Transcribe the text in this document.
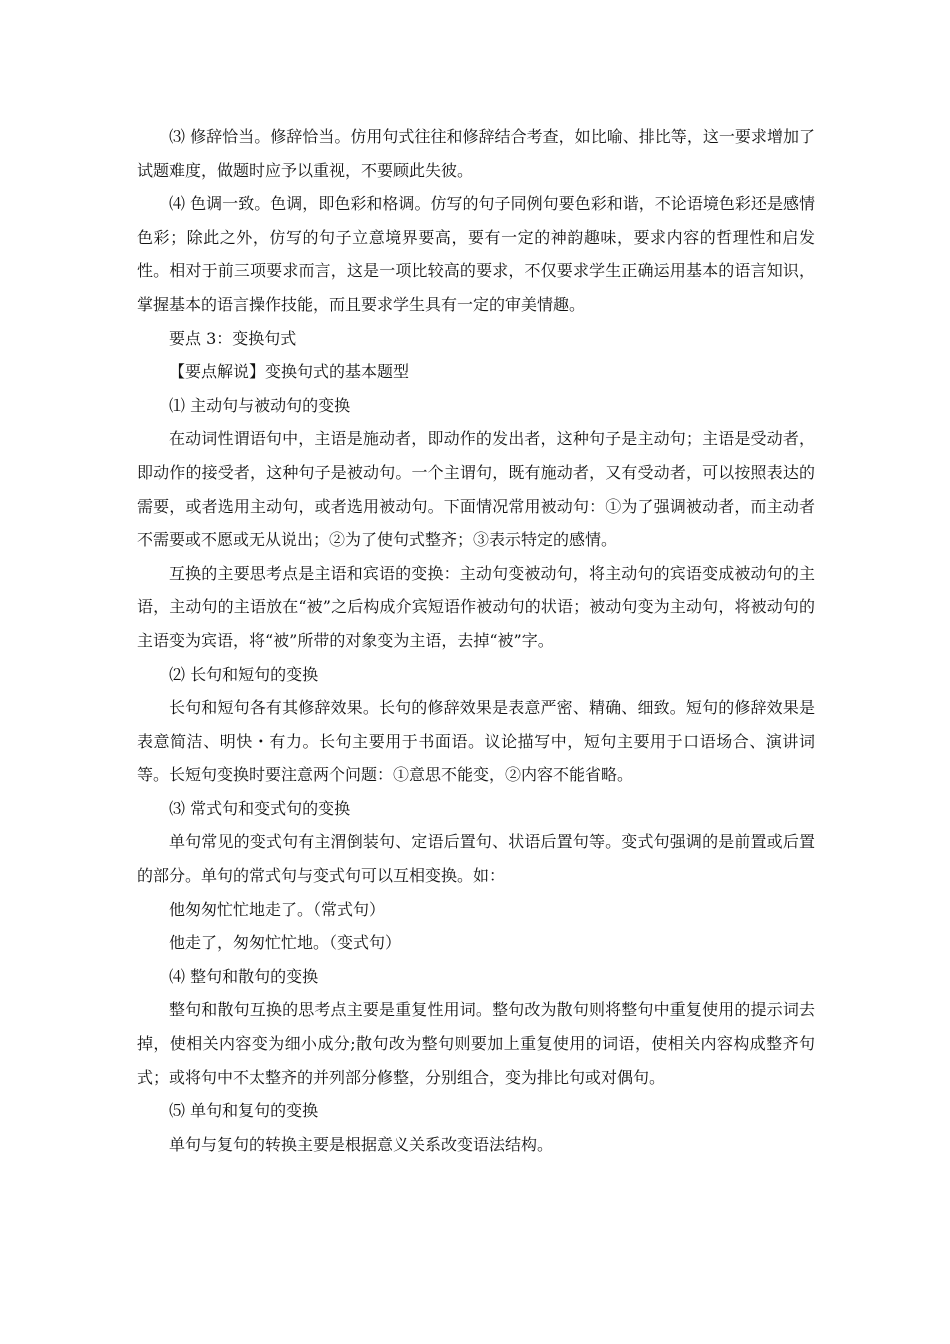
⑶ 修辞恰当。修辞恰当。仿用句式往往和修辞结合考查，如比喻、排比等，这一要求增加了试题难度，做题时应予以重视，不要顾此失彼。

⑷ 色调一致。色调，即色彩和格调。仿写的句子同例句要色彩和谐，不论语境色彩还是感情色彩；除此之外，仿写的句子立意境界要高，要有一定的神韵趣味，要求内容的哲理性和启发性。相对于前三项要求而言，这是一项比较高的要求，不仅要求学生正确运用基本的语言知识，掌握基本的语言操作技能，而且要求学生具有一定的审美情趣。

要点 3：变换句式

【要点解说】变换句式的基本题型

⑴ 主动句与被动句的变换

在动词性谓语句中，主语是施动者，即动作的发出者，这种句子是主动句；主语是受动者，即动作的接受者，这种句子是被动句。一个主谓句，既有施动者，又有受动者，可以按照表达的需要，或者选用主动句，或者选用被动句。下面情况常用被动句：①为了强调被动者，而主动者不需要或不愿或无从说出；②为了使句式整齐；③表示特定的感情。

互换的主要思考点是主语和宾语的变换：主动句变被动句，将主动句的宾语变成被动句的主语，主动句的主语放在“被”之后构成介宾短语作被动句的状语；被动句变为主动句，将被动句的主语变为宾语，将“被”所带的对象变为主语，去掉“被”字。

⑵ 长句和短句的变换

长句和短句各有其修辞效果。长句的修辞效果是表意严密、精确、细致。短句的修辞效果是表意简洁、明快・有力。长句主要用于书面语。议论描写中，短句主要用于口语场合、演讲词等。长短句变换时要注意两个问题：①意思不能变，②内容不能省略。

⑶ 常式句和变式句的变换

单句常见的变式句有主渭倒装句、定语后置句、状语后置句等。变式句强调的是前置或后置的部分。单句的常式句与变式句可以互相变换。如：

他匆匆忙忙地走了。（常式句）

他走了，匆匆忙忙地。（变式句）

⑷ 整句和散句的变换

整句和散句互换的思考点主要是重复性用词。整句改为散句则将整句中重复使用的提示词去掉，使相关内容变为细小成分;散句改为整句则要加上重复使用的词语，使相关内容构成整齐句式；或将句中不太整齐的并列部分修整，分别组合，变为排比句或对偶句。

⑸ 单句和复句的变换

单句与复句的转换主要是根据意义关系改变语法结构。
